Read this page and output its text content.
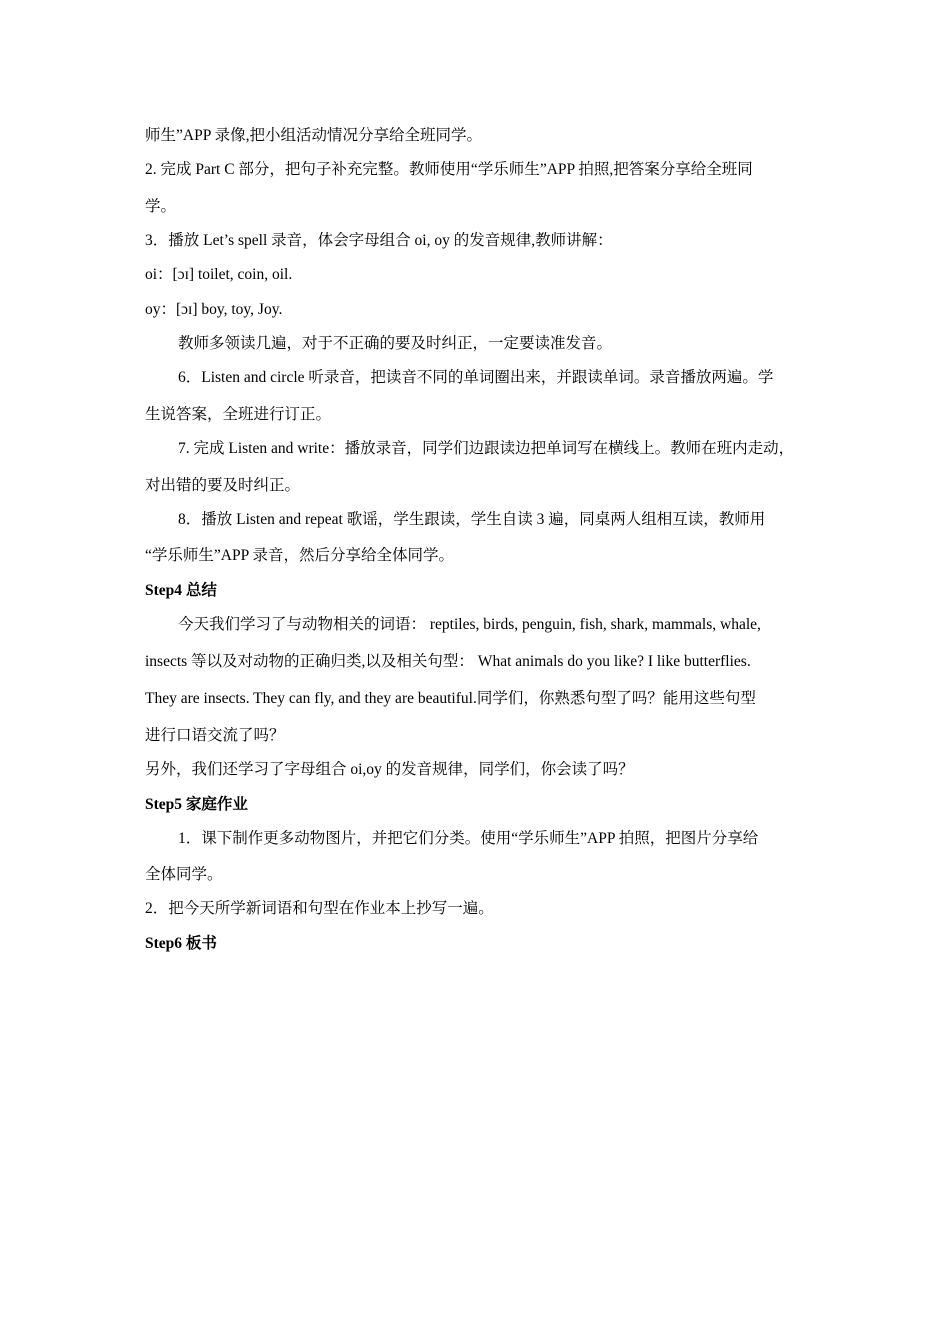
师生”APP 录像,把小组活动情况分享给全班同学。
2. 完成 Part C 部分，把句子补充完整。教师使用“学乐师生”APP 拍照,把答案分享给全班同
学。
3．播放 Let’s spell 录音，体会字母组合 oi, oy 的发音规律,教师讲解：
oi：[ɔɪ] toilet, coin, oil.
oy：[ɔɪ] boy, toy, Joy.
教师多领读几遍，对于不正确的要及时纠正，一定要读准发音。
6．Listen and circle 听录音，把读音不同的单词圈出来，并跟读单词。录音播放两遍。学
生说答案，全班进行订正。
7. 完成 Listen and write：播放录音，同学们边跟读边把单词写在横线上。教师在班内走动，
对出错的要及时纠正。
8．播放 Listen and repeat 歌谣，学生跟读，学生自读 3 遍，同桌两人组相互读，教师用
“学乐师生”APP 录音，然后分享给全体同学。
Step4 总结
今天我们学习了与动物相关的词语： reptiles, birds, penguin, fish, shark, mammals, whale,
insects 等以及对动物的正确归类,以及相关句型： What animals do you like? I like butterflies.
They are insects. They can fly, and they are beautiful.同学们，你熟悉句型了吗？能用这些句型
进行口语交流了吗？
另外，我们还学习了字母组合 oi,oy 的发音规律，同学们，你会读了吗？
Step5 家庭作业
1．课下制作更多动物图片，并把它们分类。使用“学乐师生”APP 拍照，把图片分享给
全体同学。
2．把今天所学新词语和句型在作业本上抄写一遍。
Step6 板书
